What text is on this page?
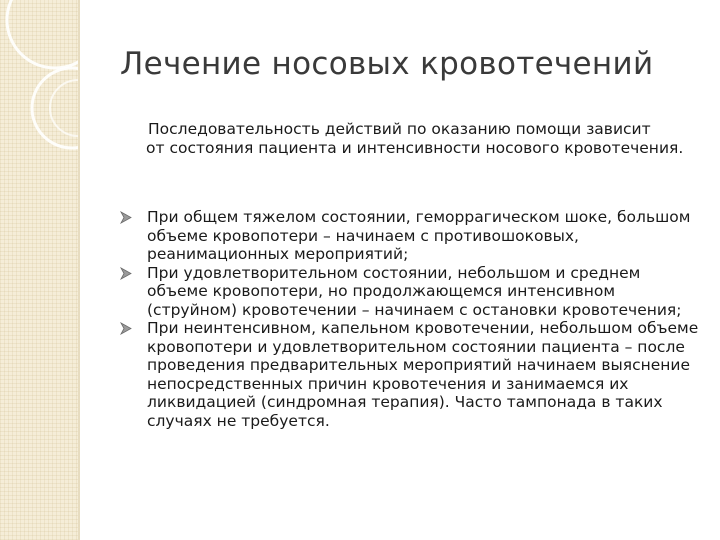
Лечение носовых кровотечений
Последовательность действий по оказанию помощи зависит
от состояния пациента и интенсивности носового кровотечения.
При общем тяжелом состоянии, геморрагическом шоке, большом объеме кровопотери – начинаем с противошоковых, реанимационных мероприятий;
При удовлетворительном состоянии, небольшом и среднем объеме кровопотери, но продолжающемся интенсивном (струйном) кровотечении – начинаем с остановки кровотечения;
При неинтенсивном, капельном кровотечении, небольшом объеме кровопотери и удовлетворительном состоянии пациента – после проведения предварительных мероприятий начинаем выяснение непосредственных причин кровотечения и занимаемся их ликвидацией (синдромная терапия). Часто тампонада в таких случаях не требуется.
